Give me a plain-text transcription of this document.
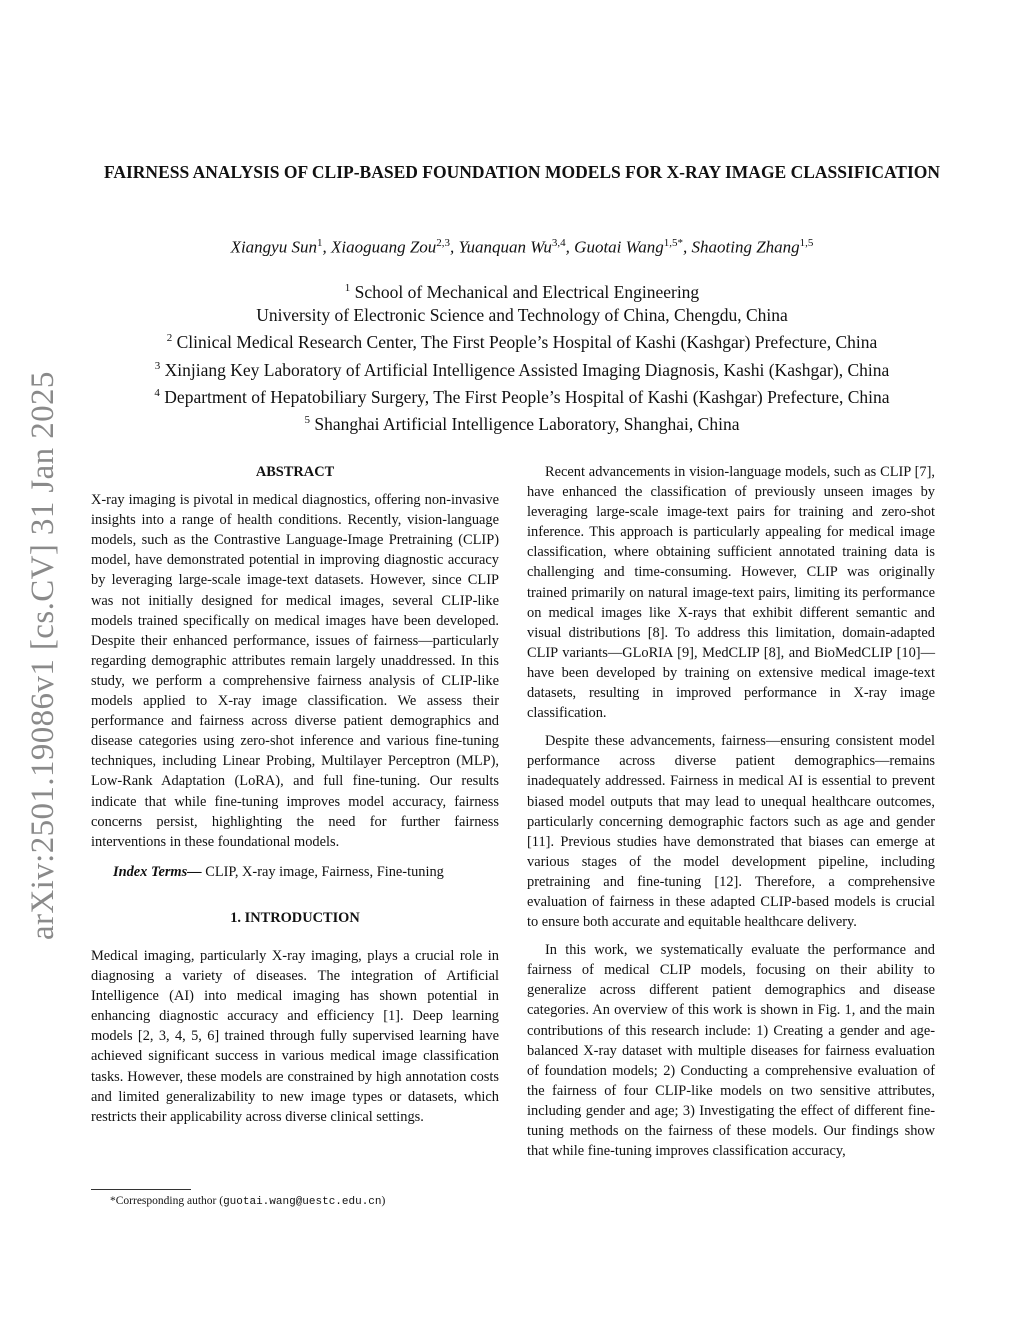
arXiv:2501.19086v1 [cs.CV] 31 Jan 2025
FAIRNESS ANALYSIS OF CLIP-BASED FOUNDATION MODELS FOR X-RAY IMAGE CLASSIFICATION
Xiangyu Sun$^1$, Xiaoguang Zou$^{2,3}$, Yuanquan Wu$^{3,4}$, Guotai Wang$^{1,5*}$, Shaoting Zhang$^{1,5}$
$^1$ School of Mechanical and Electrical Engineering
University of Electronic Science and Technology of China, Chengdu, China
$^2$ Clinical Medical Research Center, The First People’s Hospital of Kashi (Kashgar) Prefecture, China
$^3$ Xinjiang Key Laboratory of Artificial Intelligence Assisted Imaging Diagnosis, Kashi (Kashgar), China
$^4$ Department of Hepatobiliary Surgery, The First People’s Hospital of Kashi (Kashgar) Prefecture, China
$^5$ Shanghai Artificial Intelligence Laboratory, Shanghai, China
ABSTRACT

X-ray imaging is pivotal in medical diagnostics, offering non-invasive insights into a range of health conditions. Recently, vision-language models, such as the Contrastive Language-Image Pretraining (CLIP) model, have demonstrated potential in improving diagnostic accuracy by leveraging large-scale image-text datasets. However, since CLIP was not initially designed for medical images, several CLIP-like models trained specifically on medical images have been developed. Despite their enhanced performance, issues of fairness—particularly regarding demographic attributes remain largely unaddressed. In this study, we perform a comprehensive fairness analysis of CLIP-like models applied to X-ray image classification. We assess their performance and fairness across diverse patient demographics and disease categories using zero-shot inference and various fine-tuning techniques, including Linear Probing, Multilayer Perceptron (MLP), Low-Rank Adaptation (LoRA), and full fine-tuning. Our results indicate that while fine-tuning improves model accuracy, fairness concerns persist, highlighting the need for further fairness interventions in these foundational models.

Index Terms— CLIP, X-ray image, Fairness, Fine-tuning

1. INTRODUCTION

Medical imaging, particularly X-ray imaging, plays a crucial role in diagnosing a variety of diseases. The integration of Artificial Intelligence (AI) into medical imaging has shown potential in enhancing diagnostic accuracy and efficiency [1]. Deep learning models [2, 3, 4, 5, 6] trained through fully supervised learning have achieved significant success in various medical image classification tasks. However, these models are constrained by high annotation costs and limited generalizability to new image types or datasets, which restricts their applicability across diverse clinical settings.

Recent advancements in vision-language models, such as CLIP [7], have enhanced the classification of previously unseen images by leveraging large-scale image-text pairs for training and zero-shot inference. This approach is particularly appealing for medical image classification, where obtaining sufficient annotated training data is challenging and time-consuming. However, CLIP was originally trained primarily on natural image-text pairs, limiting its performance on medical images like X-rays that exhibit different semantic and visual distributions [8]. To address this limitation, domain-adapted CLIP variants—GLoRIA [9], MedCLIP [8], and BioMedCLIP [10]—have been developed by training on extensive medical image-text datasets, resulting in improved performance in X-ray image classification.

Despite these advancements, fairness—ensuring consistent model performance across diverse patient demographics—remains inadequately addressed. Fairness in medical AI is essential to prevent biased model outputs that may lead to unequal healthcare outcomes, particularly concerning demographic factors such as age and gender [11]. Previous studies have demonstrated that biases can emerge at various stages of the model development pipeline, including pretraining and fine-tuning [12]. Therefore, a comprehensive evaluation of fairness in these adapted CLIP-based models is crucial to ensure both accurate and equitable healthcare delivery.

In this work, we systematically evaluate the performance and fairness of medical CLIP models, focusing on their ability to generalize across different patient demographics and disease categories. An overview of this work is shown in Fig. 1, and the main contributions of this research include: 1) Creating a gender and age-balanced X-ray dataset with multiple diseases for fairness evaluation of foundation models; 2) Conducting a comprehensive evaluation of the fairness of four CLIP-like models on two sensitive attributes, including gender and age; 3) Investigating the effect of different fine-tuning methods on the fairness of these models. Our findings show that while fine-tuning improves classification accuracy,

*Corresponding author (guotai.wang@uestc.edu.cn)
